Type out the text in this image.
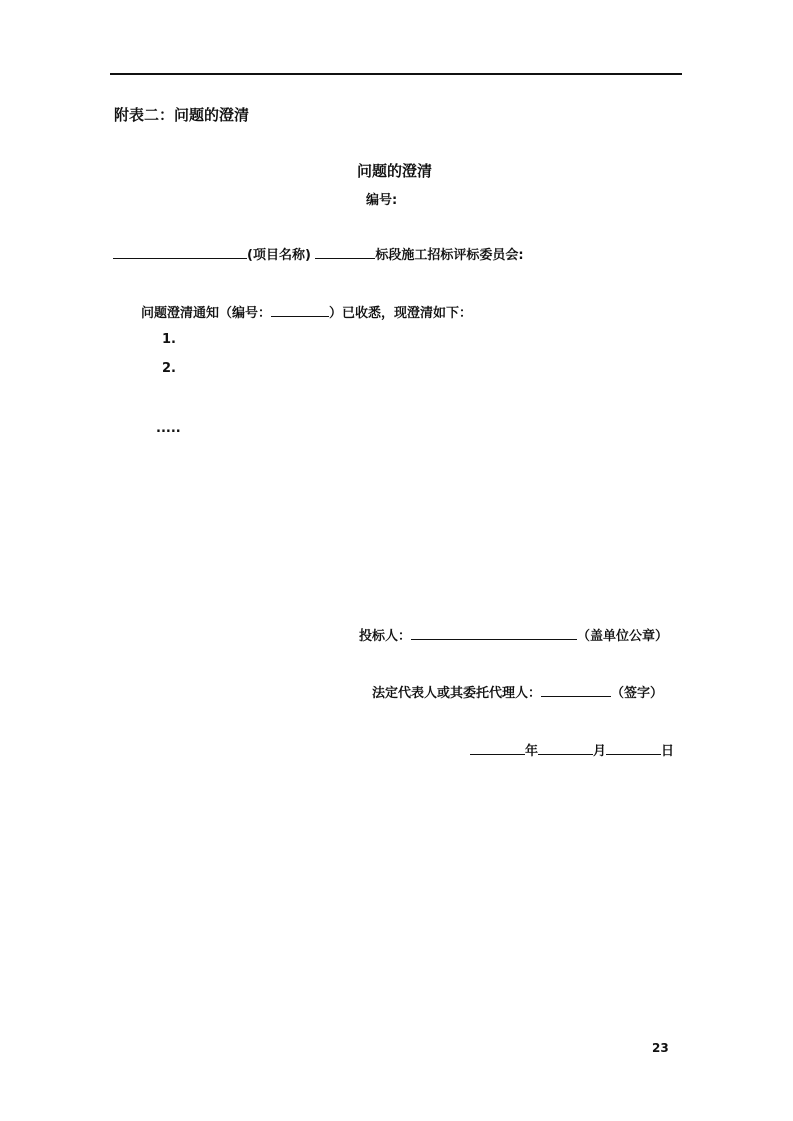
附表二：问题的澄清
问题的澄清
编号:
(项目名称)	标段施工招标评标委员会:
问题澄清通知（编号：	）已收悉，现澄清如下：
1.
2.
.....
投标人：	（盖单位公章）
法定代表人或其委托代理人：	（签字）
年	月	日
23
